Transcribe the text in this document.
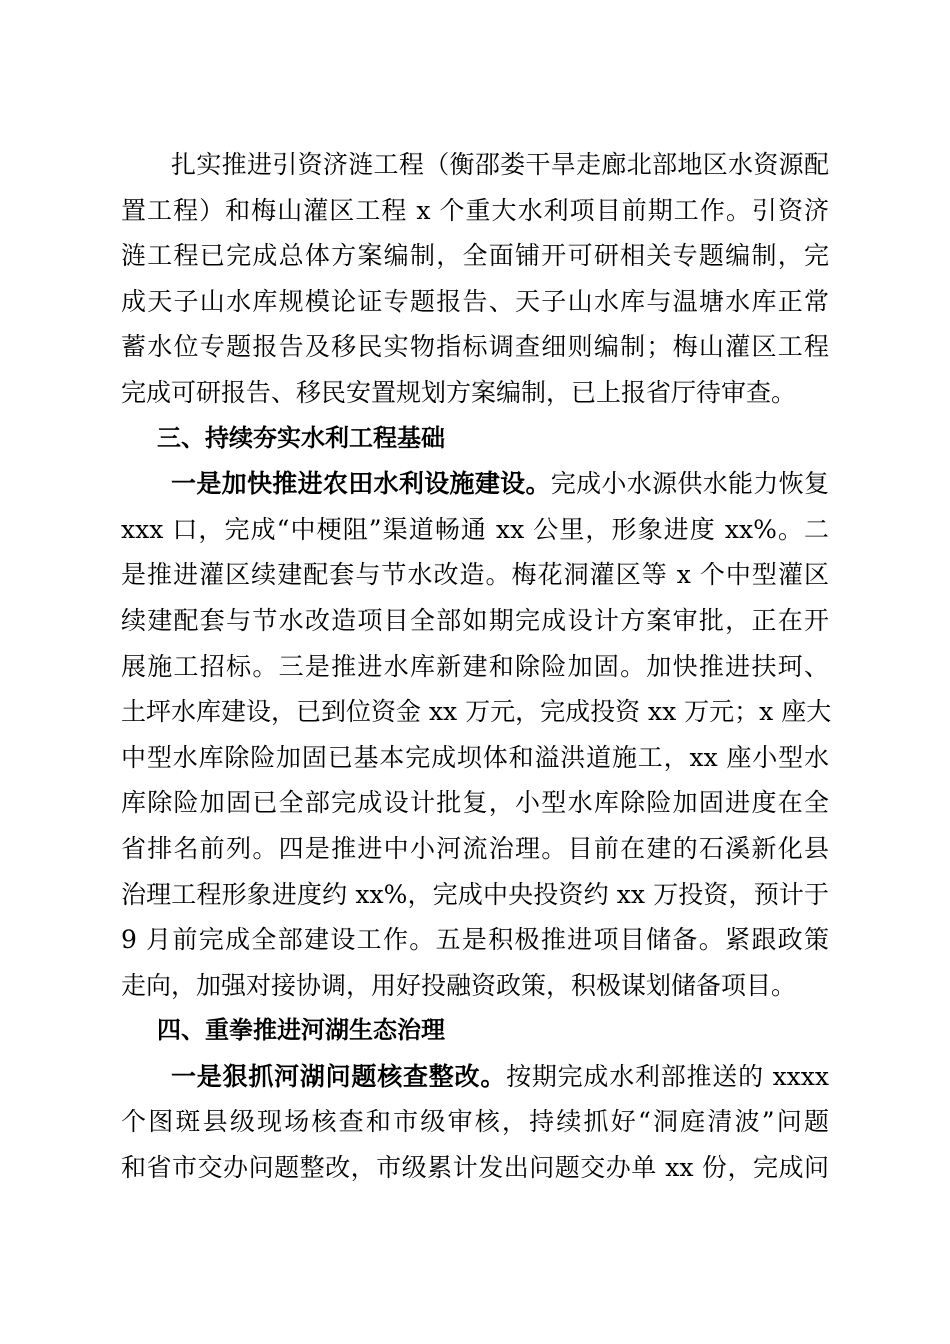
扎实推进引资济涟工程（衡邵娄干旱走廊北部地区水资源配
置工程）和梅山灌区工程 x 个重大水利项目前期工作。引资济
涟工程已完成总体方案编制，全面铺开可研相关专题编制，完
成天子山水库规模论证专题报告、天子山水库与温塘水库正常
蓄水位专题报告及移民实物指标调查细则编制；梅山灌区工程
完成可研报告、移民安置规划方案编制，已上报省厅待审查。
三、持续夯实水利工程基础
一是加快推进农田水利设施建设。完成小水源供水能力恢复
xxx 口，完成“中梗阻”渠道畅通 xx 公里，形象进度 xx%。二
是推进灌区续建配套与节水改造。梅花洞灌区等 x 个中型灌区
续建配套与节水改造项目全部如期完成设计方案审批，正在开
展施工招标。三是推进水库新建和除险加固。加快推进扶珂、
土坪水库建设，已到位资金 xx 万元，完成投资 xx 万元；x 座大
中型水库除险加固已基本完成坝体和溢洪道施工，xx 座小型水
库除险加固已全部完成设计批复，小型水库除险加固进度在全
省排名前列。四是推进中小河流治理。目前在建的石溪新化县
治理工程形象进度约 xx%，完成中央投资约 xx 万投资，预计于
9 月前完成全部建设工作。五是积极推进项目储备。紧跟政策
走向，加强对接协调，用好投融资政策，积极谋划储备项目。
四、重拳推进河湖生态治理
一是狠抓河湖问题核查整改。按期完成水利部推送的 xxxx
个图斑县级现场核查和市级审核，持续抓好“洞庭清波”问题
和省市交办问题整改，市级累计发出问题交办单 xx 份，完成问
